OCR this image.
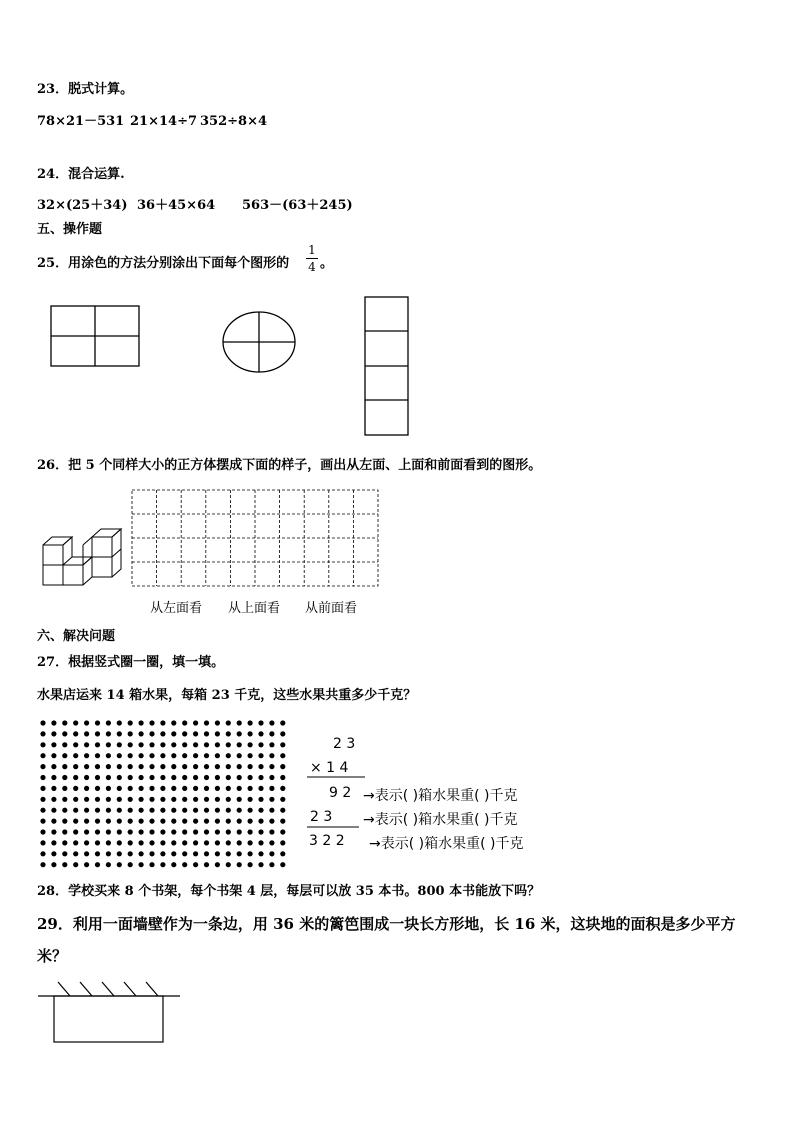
23．脱式计算。
78×21－531 21×14÷7 352÷8×4
24．混合运算.
32×(25＋34) 36＋45×64 563－(63＋245)
五、操作题
25．用涂色的方法分别涂出下面每个图形的
1
4 。
26．把 5 个同样大小的正方体摆成下面的样子，画出从左面、上面和前面看到的图形。
从左面看 从上面看 从前面看
六、解决问题
27．根据竖式圈一圈，填一填。
水果店运来 14 箱水果，每箱 23 千克，这些水果共重多少千克？
2 3
× 1 4
9 2 →表示( )箱水果重( )千克
2 3 →表示( )箱水果重( )千克
3 2 2 →表示( )箱水果重( )千克
28．学校买来 8 个书架，每个书架 4 层，每层可以放 35 本书。800 本书能放下吗？
29．利用一面墙壁作为一条边，用 36 米的篱笆围成一块长方形地，长 16 米，这块地的面积是多少平方
米？
